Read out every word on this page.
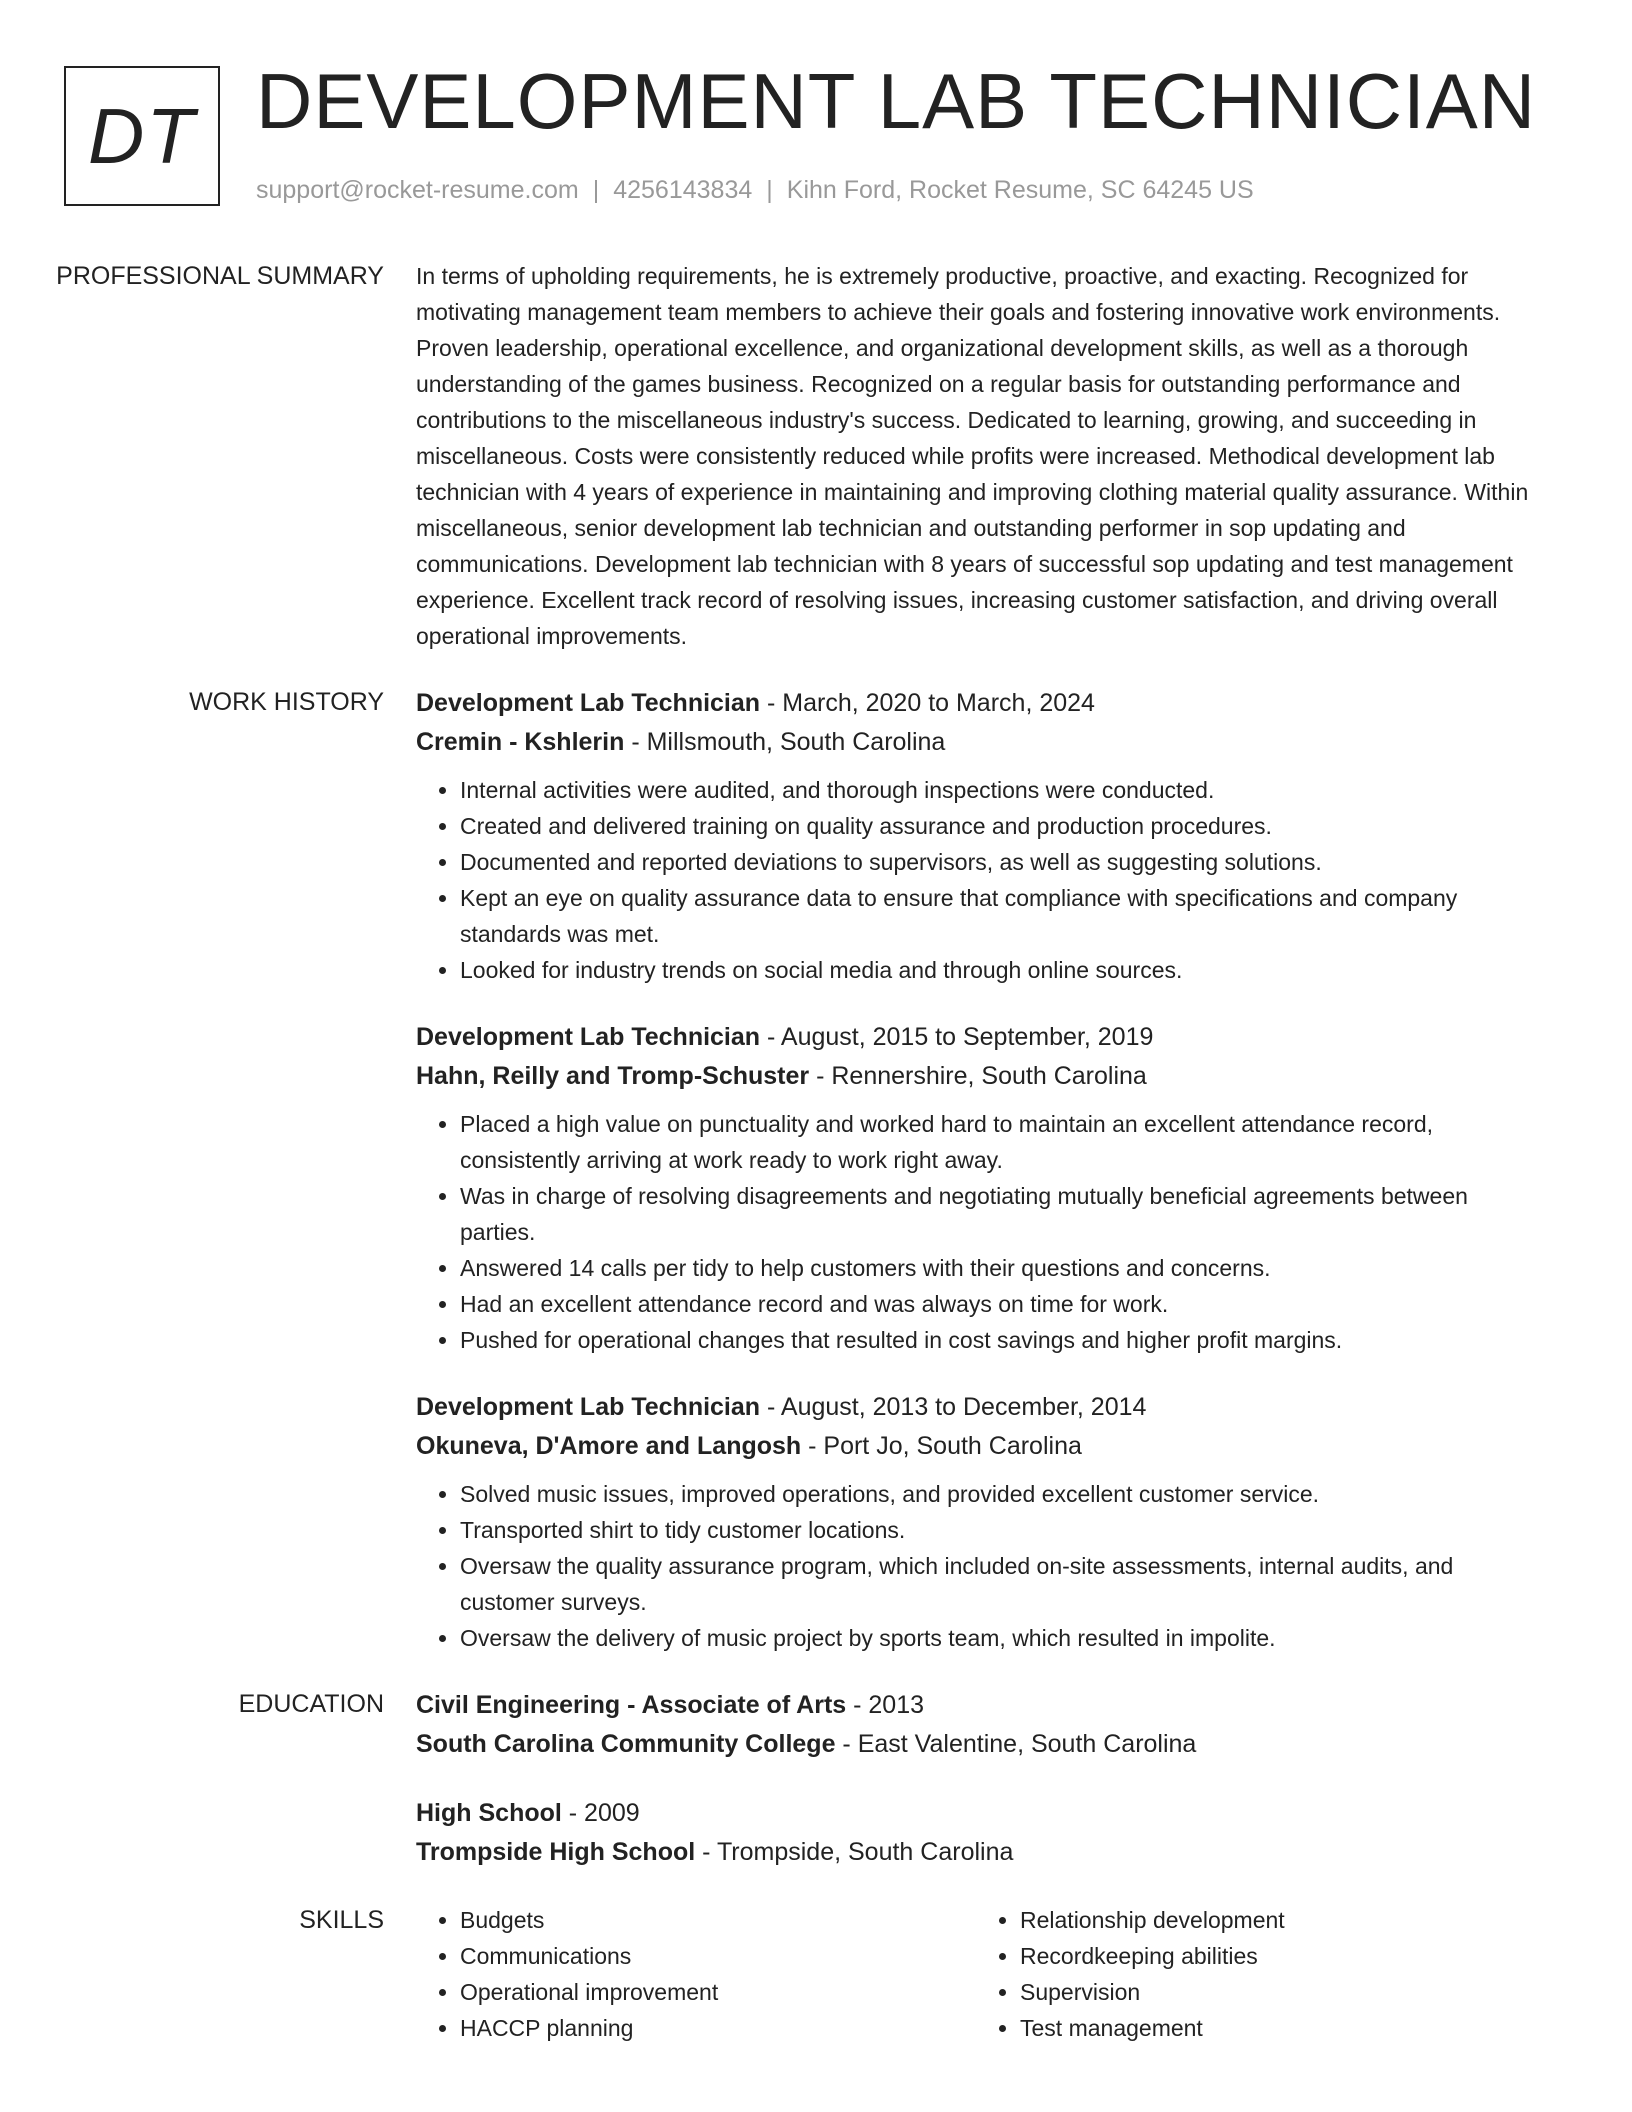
DT DEVELOPMENT LAB TECHNICIAN
support@rocket-resume.com | 4256143834 | Kihn Ford, Rocket Resume, SC 64245 US
PROFESSIONAL SUMMARY	In terms of upholding requirements, he is extremely productive, proactive, and exacting. Recognized for motivating management team members to achieve their goals and fostering innovative work environments. Proven leadership, operational excellence, and organizational development skills, as well as a thorough understanding of the games business. Recognized on a regular basis for outstanding performance and contributions to the miscellaneous industry's success. Dedicated to learning, growing, and succeeding in miscellaneous. Costs were consistently reduced while profits were increased. Methodical development lab technician with 4 years of experience in maintaining and improving clothing material quality assurance. Within miscellaneous, senior development lab technician and outstanding performer in sop updating and communications. Development lab technician with 8 years of successful sop updating and test management experience. Excellent track record of resolving issues, increasing customer satisfaction, and driving overall operational improvements.

WORK HISTORY	Development Lab Technician - March, 2020 to March, 2024
Cremin - Kshlerin - Millsmouth, South Carolina
• Internal activities were audited, and thorough inspections were conducted.
• Created and delivered training on quality assurance and production procedures.
• Documented and reported deviations to supervisors, as well as suggesting solutions.
• Kept an eye on quality assurance data to ensure that compliance with specifications and company standards was met.
• Looked for industry trends on social media and through online sources.
Development Lab Technician - August, 2015 to September, 2019
Hahn, Reilly and Tromp-Schuster - Rennershire, South Carolina
• Placed a high value on punctuality and worked hard to maintain an excellent attendance record, consistently arriving at work ready to work right away.
• Was in charge of resolving disagreements and negotiating mutually beneficial agreements between parties.
• Answered 14 calls per tidy to help customers with their questions and concerns.
• Had an excellent attendance record and was always on time for work.
• Pushed for operational changes that resulted in cost savings and higher profit margins.
Development Lab Technician - August, 2013 to December, 2014
Okuneva, D'Amore and Langosh - Port Jo, South Carolina
• Solved music issues, improved operations, and provided excellent customer service.
• Transported shirt to tidy customer locations.
• Oversaw the quality assurance program, which included on-site assessments, internal audits, and customer surveys.
• Oversaw the delivery of music project by sports team, which resulted in impolite.
EDUCATION	Civil Engineering - Associate of Arts - 2013
South Carolina Community College - East Valentine, South Carolina
High School - 2009
Trompside High School - Trompside, South Carolina
SKILLS
•	Budgets
• Communications
• Operational improvement
• HACCP planning
• Relationship development
• Recordkeeping abilities
• Supervision
• Test management
